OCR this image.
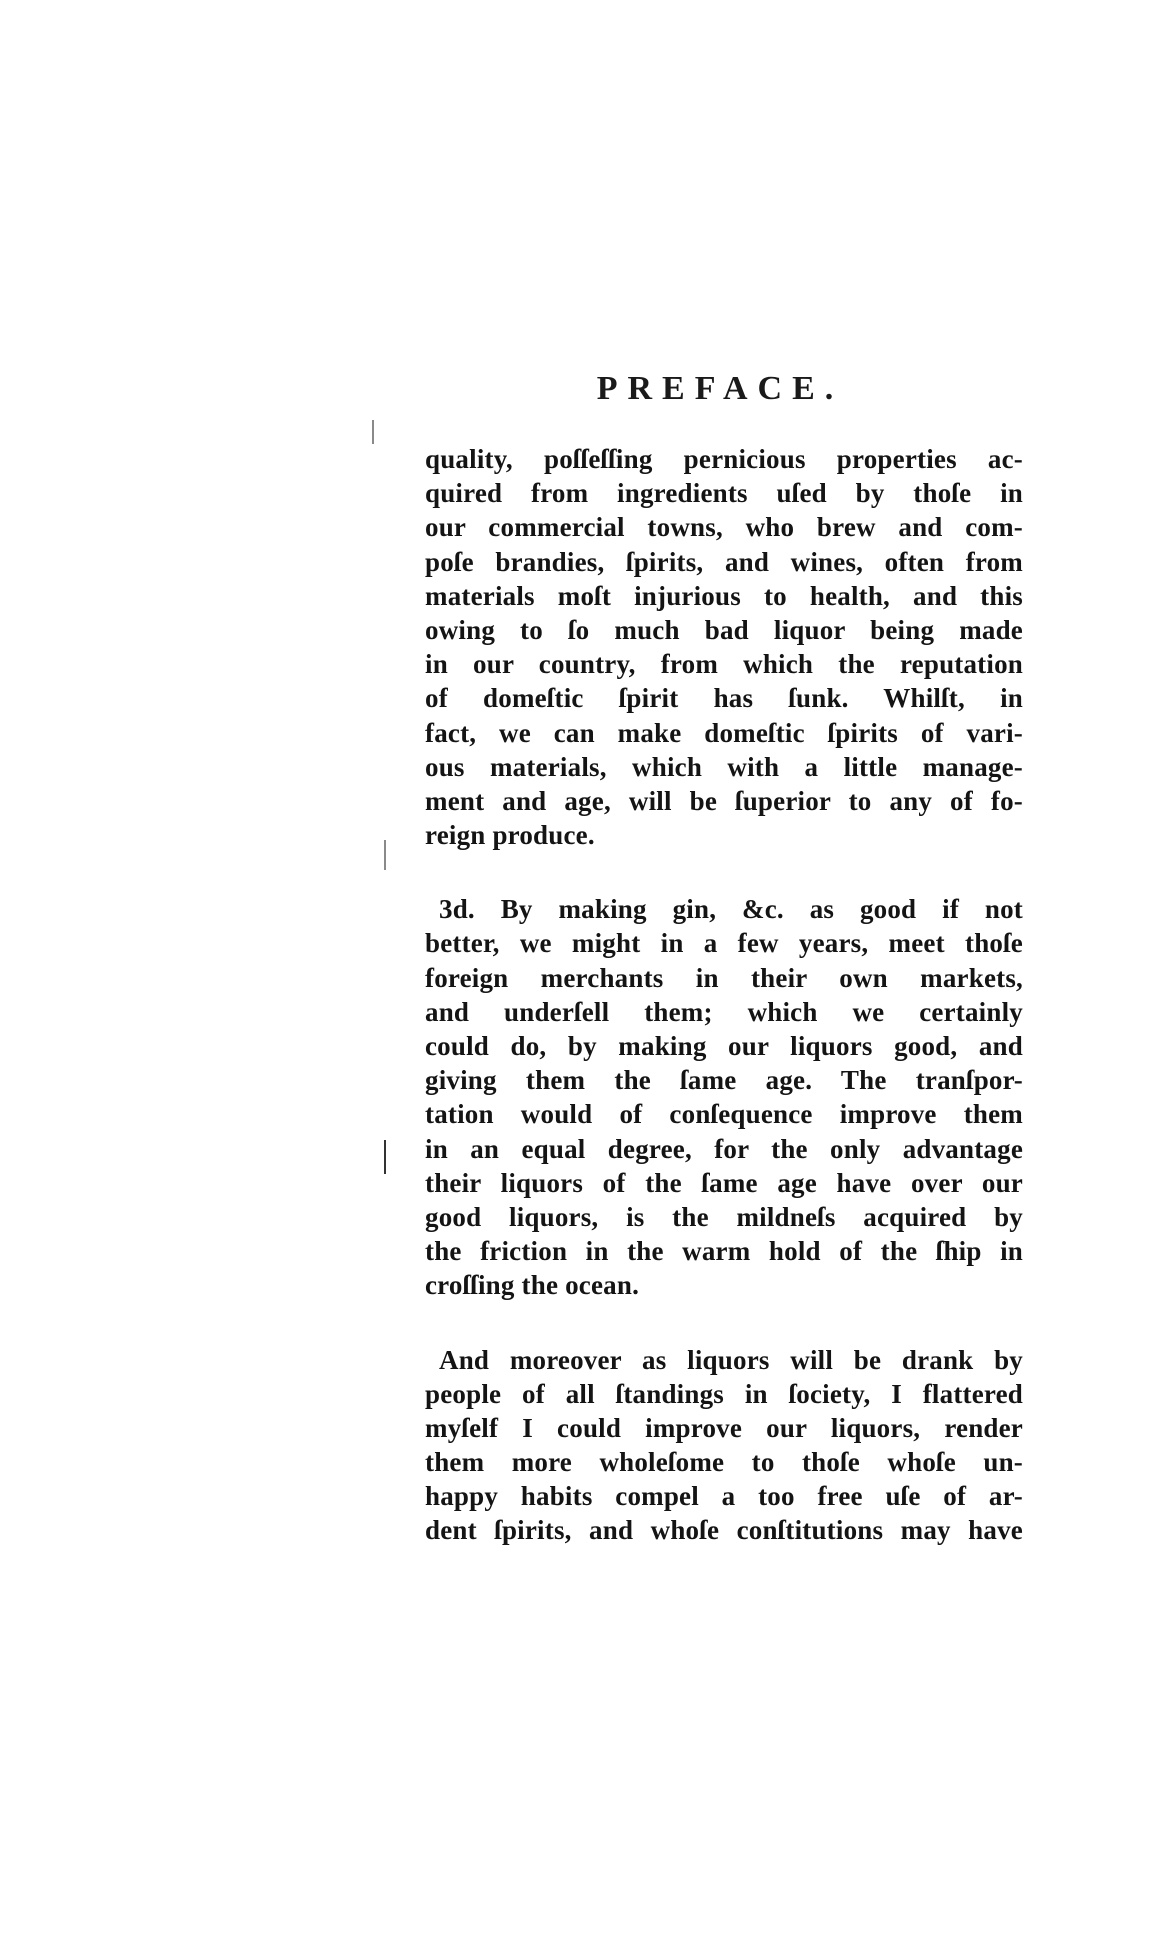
PREFACE.
quality, poſſeſſing pernicious properties ac-
quired from ingredients uſed by thoſe in
our commercial towns, who brew and com-
poſe brandies, ſpirits, and wines, often from
materials moſt injurious to health, and this
owing to ſo much bad liquor being made
in our country, from which the reputation
of domeſtic ſpirit has ſunk. Whilſt, in
fact, we can make domeſtic ſpirits of vari-
ous materials, which with a little manage-
ment and age, will be ſuperior to any of fo-
reign produce.
3d. By making gin, &c. as good if not
better, we might in a few years, meet thoſe
foreign merchants in their own markets,
and underſell them; which we certainly
could do, by making our liquors good, and
giving them the ſame age. The tranſpor-
tation would of conſequence improve them
in an equal degree, for the only advantage
their liquors of the ſame age have over our
good liquors, is the mildneſs acquired by
the friction in the warm hold of the ſhip in
croſſing the ocean.
And moreover as liquors will be drank by
people of all ſtandings in ſociety, I flattered
myſelf I could improve our liquors, render
them more wholeſome to thoſe whoſe un-
happy habits compel a too free uſe of ar-
dent ſpirits, and whoſe conſtitutions may have
